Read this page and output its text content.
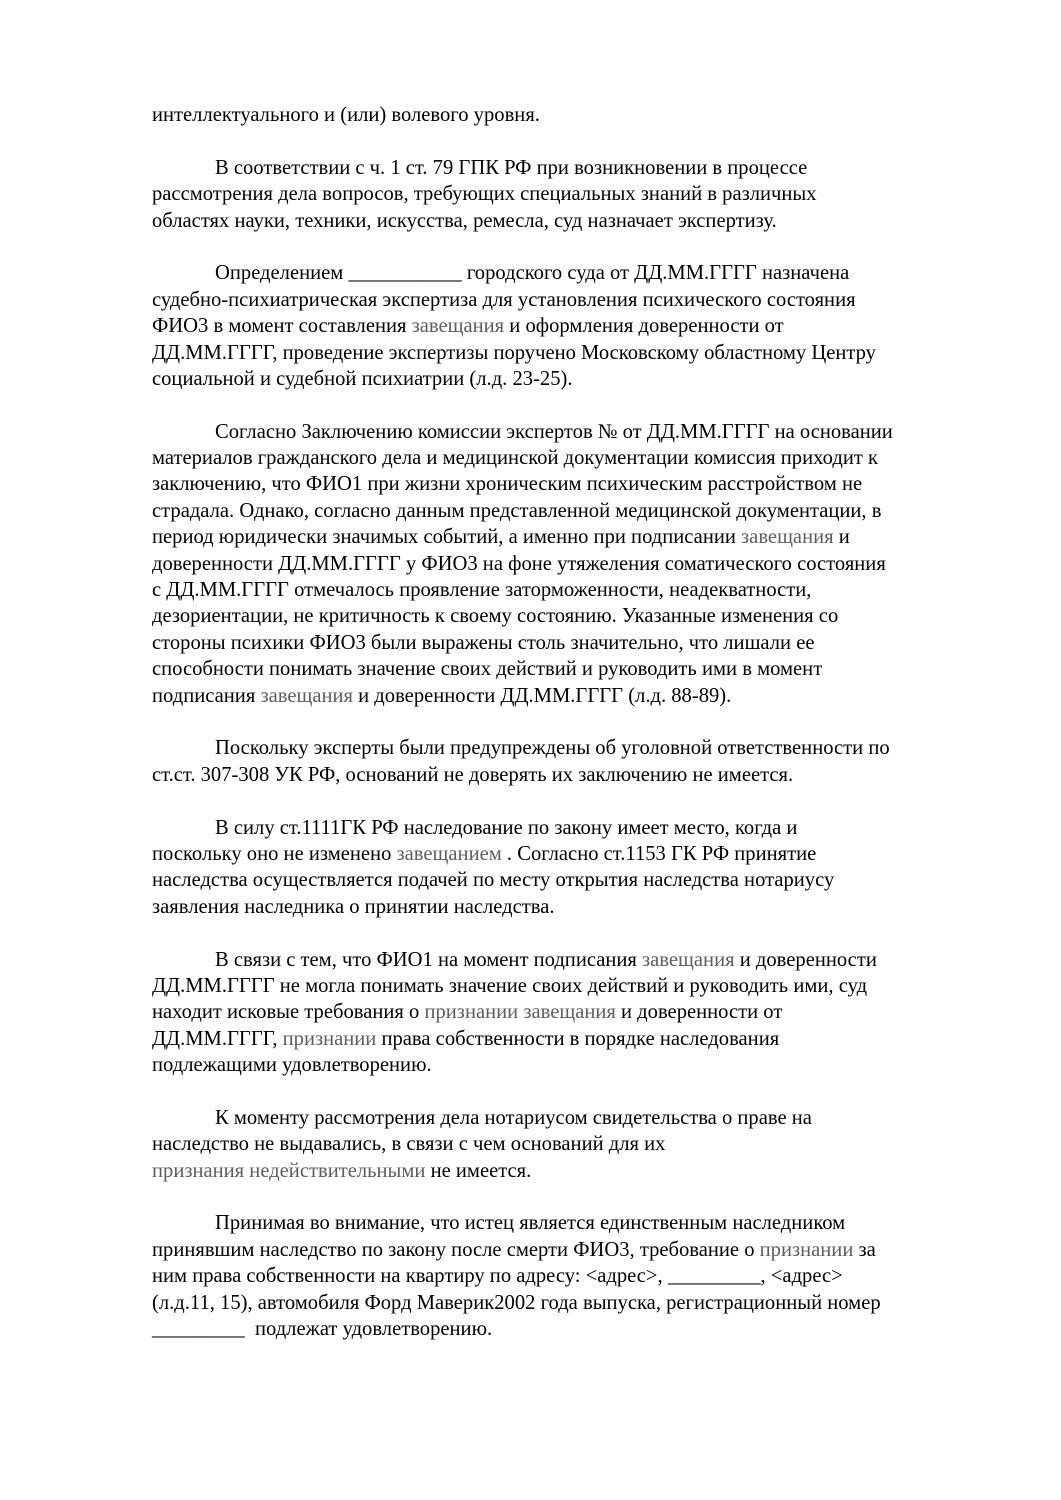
интеллектуального и (или) волевого уровня.
В соответствии с ч. 1 ст. 79 ГПК РФ при возникновении в процессе
рассмотрения дела вопросов, требующих специальных знаний в различных
областях науки, техники, искусства, ремесла, суд назначает экспертизу.
Определением ___________ городского суда от ДД.ММ.ГГГГ назначена
судебно-психиатрическая экспертиза для установления психического состояния
ФИО3 в момент составления завещания и оформления доверенности от
ДД.ММ.ГГГГ, проведение экспертизы поручено Московскому областному Центру
социальной и судебной психиатрии (л.д. 23-25).
Согласно Заключению комиссии экспертов № от ДД.ММ.ГГГГ на основании
материалов гражданского дела и медицинской документации комиссия приходит к
заключению, что ФИО1 при жизни хроническим психическим расстройством не
страдала. Однако, согласно данным представленной медицинской документации, в
период юридически значимых событий, а именно при подписании завещания и
доверенности ДД.ММ.ГГГГ у ФИО3 на фоне утяжеления соматического состояния
с ДД.ММ.ГГГГ отмечалось проявление заторможенности, неадекватности,
дезориентации, не критичность к своему состоянию. Указанные изменения со
стороны психики ФИО3 были выражены столь значительно, что лишали ее
способности понимать значение своих действий и руководить ими в момент
подписания завещания и доверенности ДД.ММ.ГГГГ (л.д. 88-89).
Поскольку эксперты были предупреждены об уголовной ответственности по
ст.ст. 307-308 УК РФ, оснований не доверять их заключению не имеется.
В силу ст.1111ГК РФ наследование по закону имеет место, когда и
поскольку оно не изменено завещанием . Согласно ст.1153 ГК РФ принятие
наследства осуществляется подачей по месту открытия наследства нотариусу
заявления наследника о принятии наследства.
В связи с тем, что ФИО1 на момент подписания завещания и доверенности
ДД.ММ.ГГГГ не могла понимать значение своих действий и руководить ими, суд
находит исковые требования о признании завещания и доверенности от
ДД.ММ.ГГГГ, признании права собственности в порядке наследования
подлежащими удовлетворению.
К моменту рассмотрения дела нотариусом свидетельства о праве на
наследство не выдавались, в связи с чем оснований для их
признания недействительными не имеется.
Принимая во внимание, что истец является единственным наследником
принявшим наследство по закону после смерти ФИО3, требование о признании за
ним права собственности на квартиру по адресу: <адрес>, _________, <адрес>
(л.д.11, 15), автомобиля Форд Маверик2002 года выпуска, регистрационный номер
_________  подлежат удовлетворению.
